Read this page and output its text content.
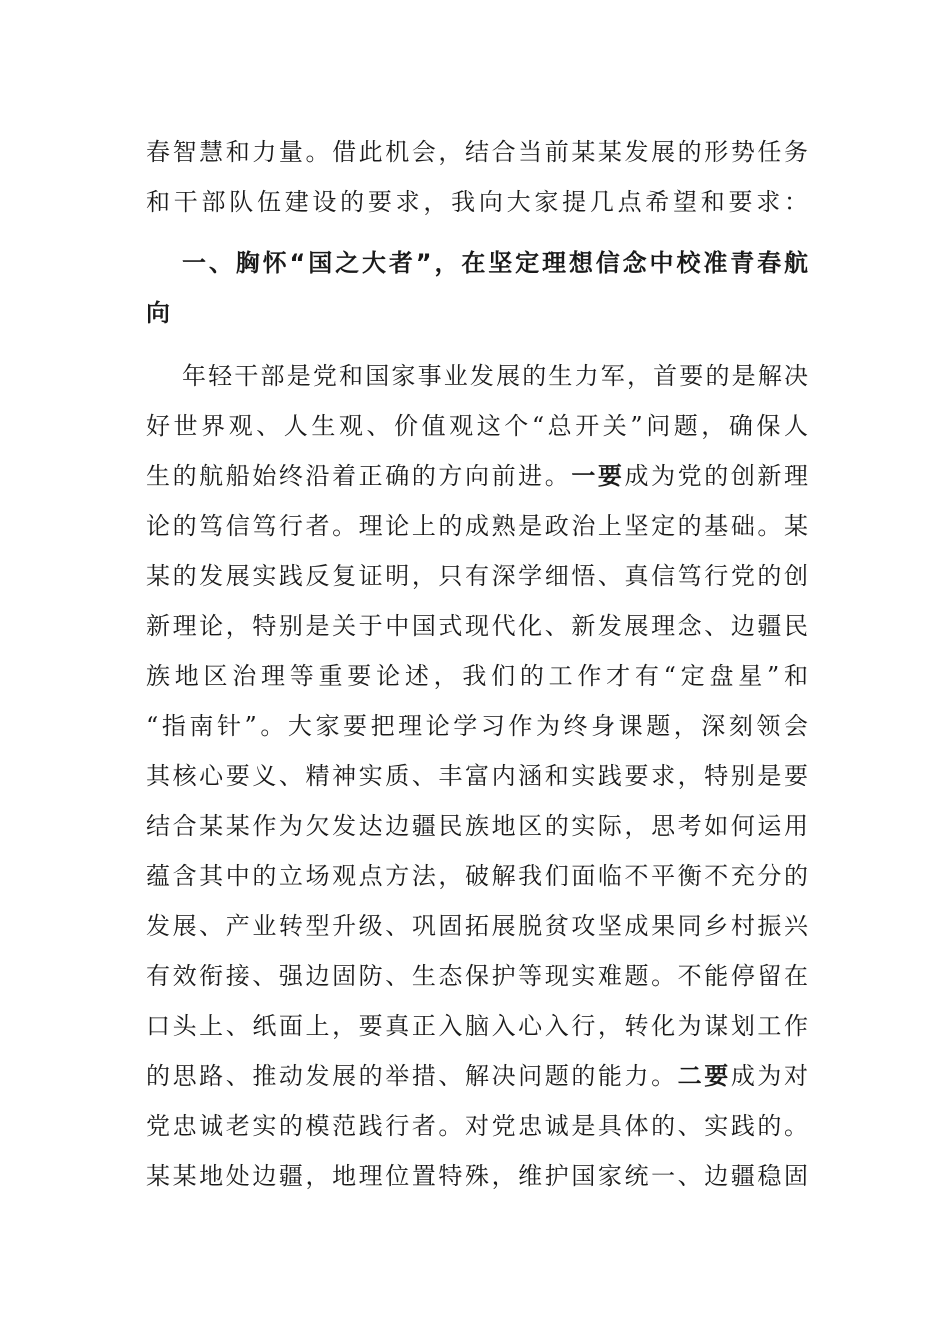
春智慧和力量。借此机会，结合当前某某发展的形势任务
和干部队伍建设的要求，我向大家提几点希望和要求：
一、胸怀“国之大者”，在坚定理想信念中校准青春航
向
年轻干部是党和国家事业发展的生力军，首要的是解决
好世界观、人生观、价值观这个“总开关”问题，确保人
生的航船始终沿着正确的方向前进。一要成为党的创新理
论的笃信笃行者。理论上的成熟是政治上坚定的基础。某
某的发展实践反复证明，只有深学细悟、真信笃行党的创
新理论，特别是关于中国式现代化、新发展理念、边疆民
族地区治理等重要论述，我们的工作才有“定盘星”和
“指南针”。大家要把理论学习作为终身课题，深刻领会
其核心要义、精神实质、丰富内涵和实践要求，特别是要
结合某某作为欠发达边疆民族地区的实际，思考如何运用
蕴含其中的立场观点方法，破解我们面临不平衡不充分的
发展、产业转型升级、巩固拓展脱贫攻坚成果同乡村振兴
有效衔接、强边固防、生态保护等现实难题。不能停留在
口头上、纸面上，要真正入脑入心入行，转化为谋划工作
的思路、推动发展的举措、解决问题的能力。二要成为对
党忠诚老实的模范践行者。对党忠诚是具体的、实践的。
某某地处边疆，地理位置特殊，维护国家统一、边疆稳固
